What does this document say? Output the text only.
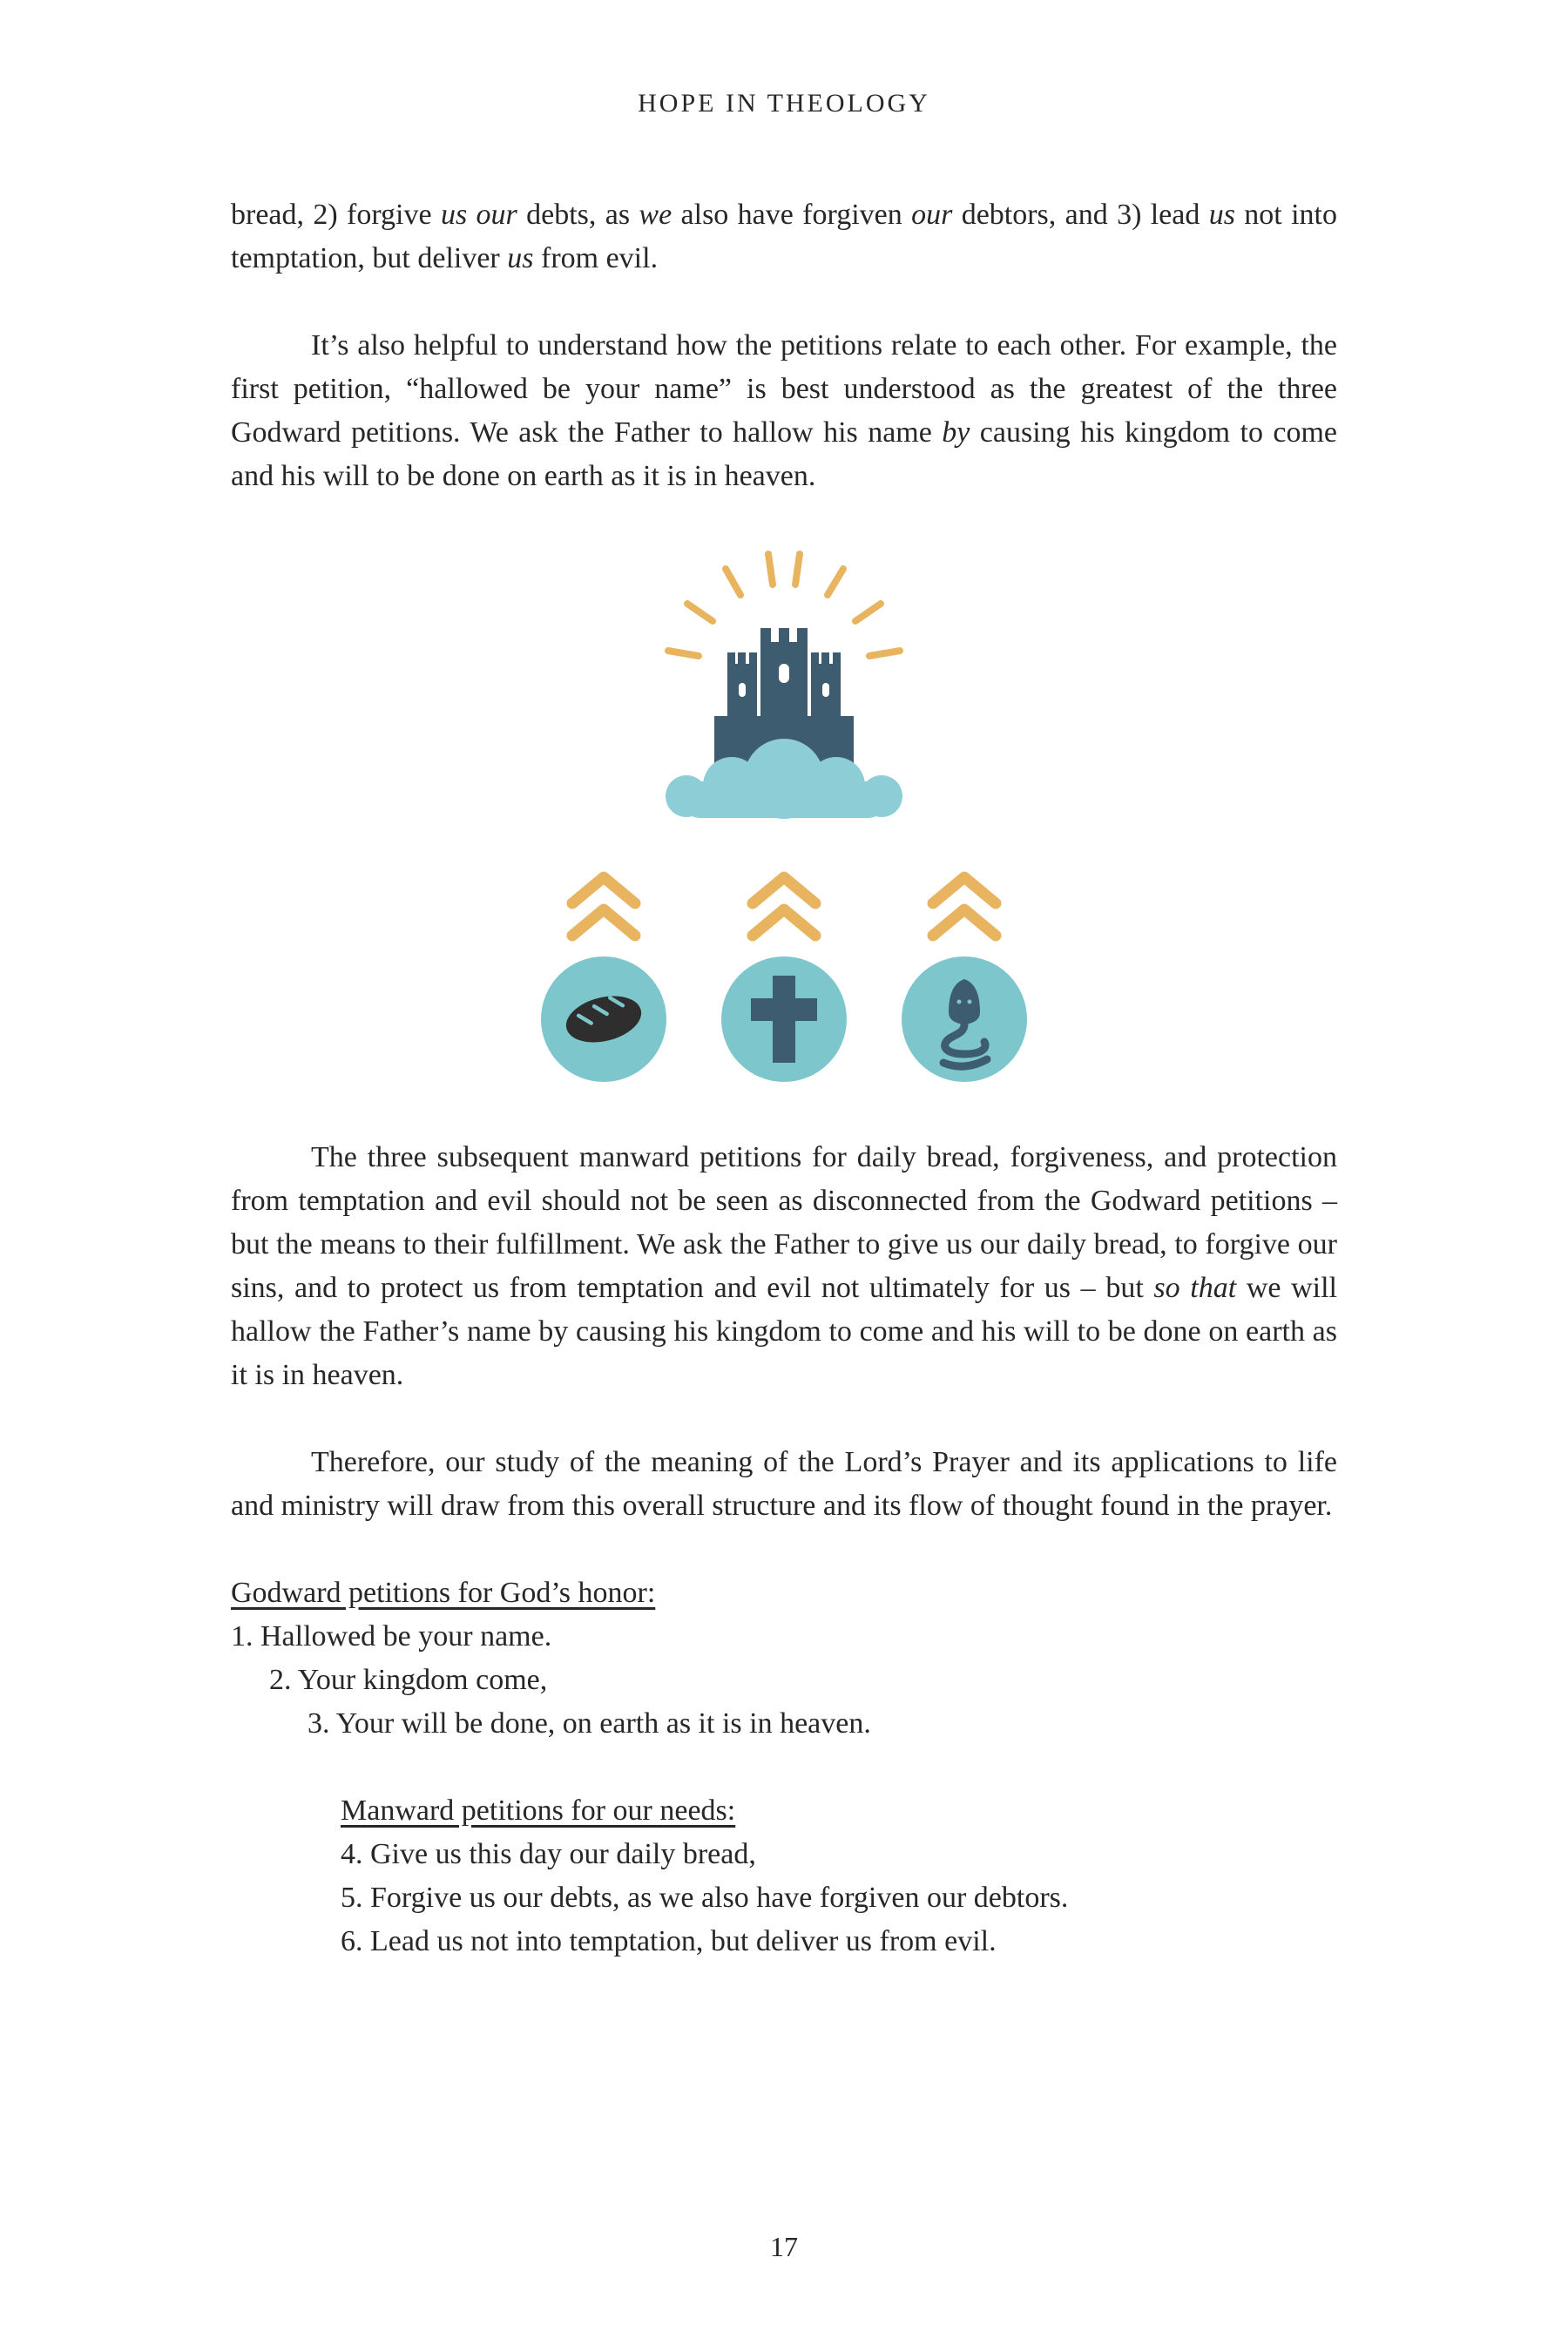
HOPE IN THEOLOGY

bread, 2) forgive us our debts, as we also have forgiven our debtors, and 3) lead us not into temptation, but deliver us from evil.

It’s also helpful to understand how the petitions relate to each other. For example, the first petition, “hallowed be your name” is best understood as the greatest of the three Godward petitions. We ask the Father to hallow his name by causing his kingdom to come and his will to be done on earth as it is in heaven.

The three subsequent manward petitions for daily bread, forgiveness, and protection from temptation and evil should not be seen as disconnected from the Godward petitions – but the means to their fulfillment. We ask the Father to give us our daily bread, to forgive our sins, and to protect us from temptation and evil not ultimately for us – but so that we will hallow the Father’s name by causing his kingdom to come and his will to be done on earth as it is in heaven.

Therefore, our study of the meaning of the Lord’s Prayer and its applications to life and ministry will draw from this overall structure and its flow of thought found in the prayer.

Godward petitions for God’s honor:
1. Hallowed be your name.
2. Your kingdom come,
3. Your will be done, on earth as it is in heaven.
Manward petitions for our needs:
4. Give us this day our daily bread,
5. Forgive us our debts, as we also have forgiven our debtors.
6. Lead us not into temptation, but deliver us from evil.
17
